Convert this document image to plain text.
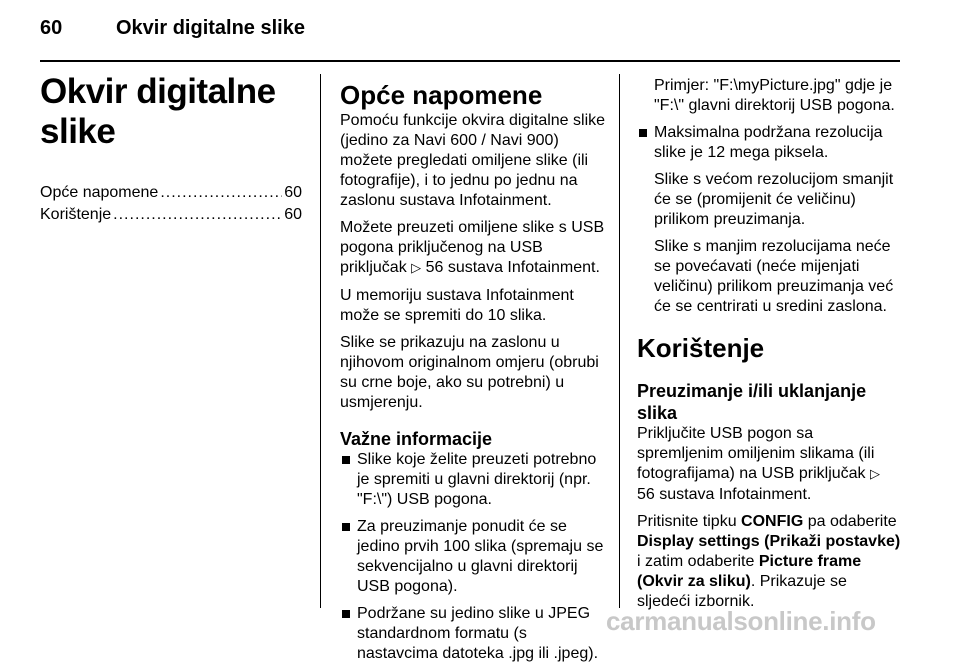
60	Okvir digitalne slike
Okvir digitalne slike
Opće napomene .....	60
Korištenje .....	60
Opće napomene

Pomoću funkcije okvira digitalne slike (jedino za Navi 600 / Navi 900) možete pregledati omiljene slike (ili fotografije), i to jednu po jednu na zaslonu sustava Infotainment.

Možete preuzeti omiljene slike s USB pogona priključenog na USB priključak ▷ 56 sustava Infotainment.

U memoriju sustava Infotainment može se spremiti do 10 slika.

Slike se prikazuju na zaslonu u njihovom originalnom omjeru (obrubi su crne boje, ako su potrebni) u usmjerenju.

Važne informacije
Slike koje želite preuzeti potrebno je spremiti u glavni direktorij (npr. "F:\") USB pogona.
Za preuzimanje ponudit će se jedino prvih 100 slika (spremaju se sekvencijalno u glavni direktorij USB pogona).
Podržane su jedino slike u JPEG standardnom formatu (s nastavcima datoteka .jpg ili .jpeg).

Primjer: "F:\myPicture.jpg" gdje je "F:\" glavni direktorij USB pogona.

Maksimalna podržana rezolucija slike je 12 mega piksela.

Slike s većom rezolucijom smanjit će se (promijenit će veličinu) prilikom preuzimanja.

Slike s manjim rezolucijama neće se povećavati (neće mijenjati veličinu) prilikom preuzimanja već će se centrirati u sredini zaslona.

Korištenje
Preuzimanje i/ili uklanjanje slika

Priključite USB pogon sa spremljenim omiljenim slikama (ili fotografijama) na USB priključak ▷ 56 sustava Infotainment.

Pritisnite tipku CONFIG pa odaberite Display settings (Prikaži postavke) i zatim odaberite Picture frame (Okvir za sliku). Prikazuje se sljedeći izbornik.

carmanualsonline.info
